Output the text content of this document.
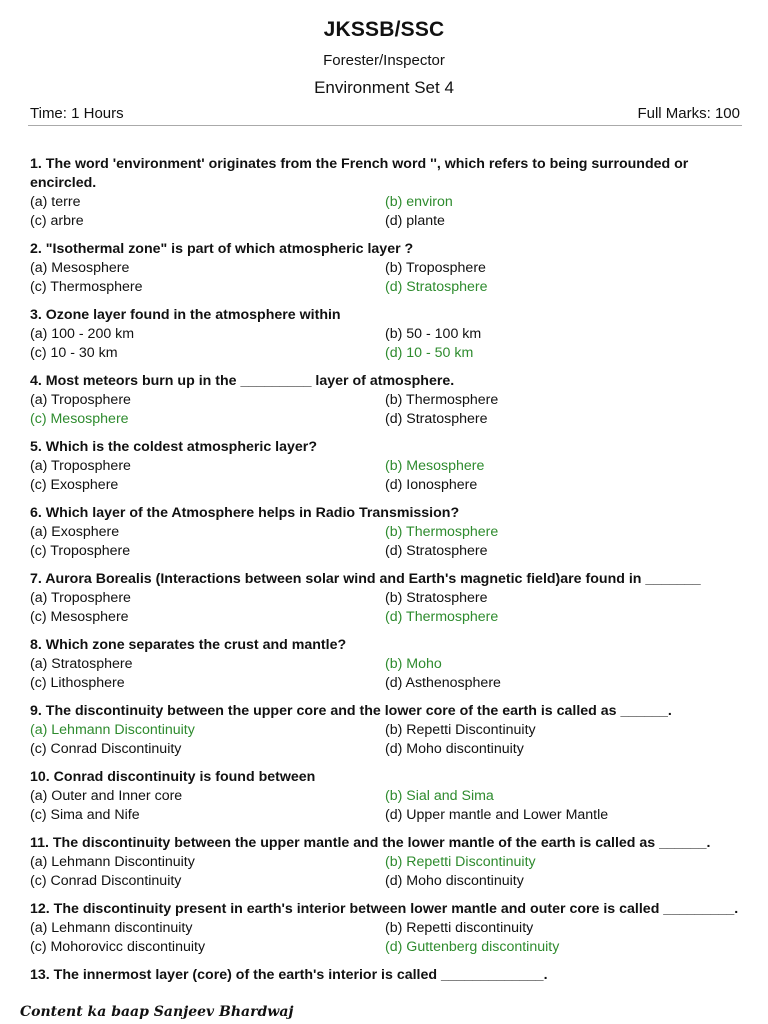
JKSSB/SSC
Forester/Inspector
Environment Set 4
Time: 1 Hours	Full Marks: 100
1. The word 'environment' originates from the French word '', which refers to being surrounded or encircled.
(a) terre	(b) environ
(c) arbre	(d) plante
2. "Isothermal zone" is part of which atmospheric layer ?
(a) Mesosphere	(b) Troposphere
(c) Thermosphere	(d) Stratosphere
3. Ozone layer found in the atmosphere within
(a) 100 - 200 km	(b) 50 - 100 km
(c) 10 - 30 km	(d) 10 - 50 km
4. Most meteors burn up in the _________ layer of atmosphere.
(a) Troposphere	(b) Thermosphere
(c) Mesosphere	(d) Stratosphere
5. Which is the coldest atmospheric layer?
(a) Troposphere	(b) Mesosphere
(c) Exosphere	(d) Ionosphere
6. Which layer of the Atmosphere helps in Radio Transmission?
(a) Exosphere	(b) Thermosphere
(c) Troposphere	(d) Stratosphere
7. Aurora Borealis (Interactions between solar wind and Earth's magnetic field)are found in _______
(a) Troposphere	(b) Stratosphere
(c) Mesosphere	(d) Thermosphere
8. Which zone separates the crust and mantle?
(a) Stratosphere	(b) Moho
(c) Lithosphere	(d) Asthenosphere
9. The discontinuity between the upper core and the lower core of the earth is called as ______.
(a) Lehmann Discontinuity	(b) Repetti Discontinuity
(c) Conrad Discontinuity	(d) Moho discontinuity
10. Conrad discontinuity is found between
(a) Outer and Inner core	(b) Sial and Sima
(c) Sima and Nife	(d) Upper mantle and Lower Mantle
11. The discontinuity between the upper mantle and the lower mantle of the earth is called as ______.
(a) Lehmann Discontinuity	(b) Repetti Discontinuity
(c) Conrad Discontinuity	(d) Moho discontinuity
12. The discontinuity present in earth's interior between lower mantle and outer core is called _________.
(a) Lehmann discontinuity	(b) Repetti discontinuity
(c) Mohorovicc discontinuity	(d) Guttenberg discontinuity
13. The innermost layer (core) of the earth's interior is called _____________.
Content ka baap Sanjeev Bhardwaj
